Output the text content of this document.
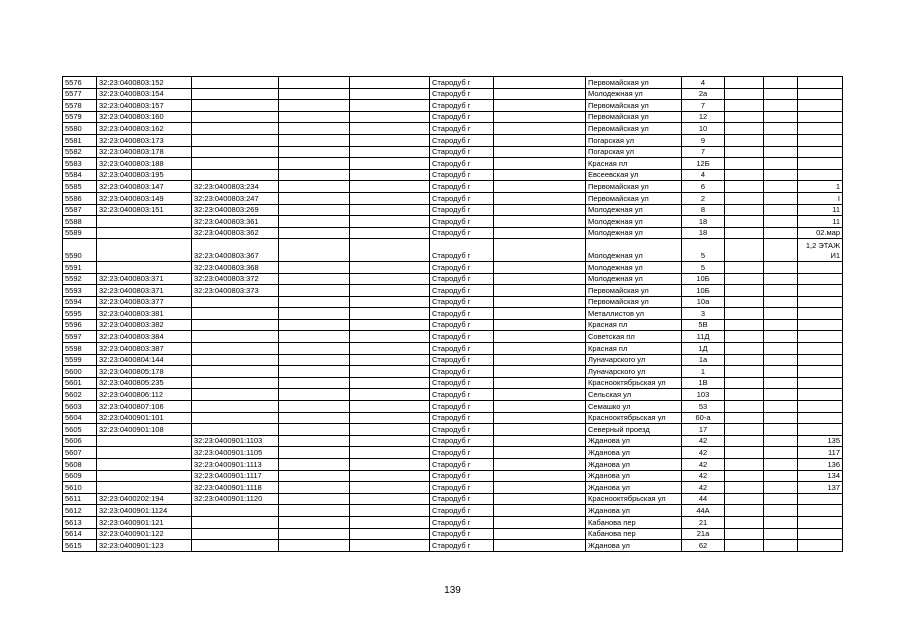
5576	32:23:0400803:152				Стародуб г		Первомайская ул	4			
5577	32:23:0400803:154				Стародуб г		Молодежная ул	2а			
5578	32:23:0400803:157				Стародуб г		Первомайская ул	7			
5579	32:23:0400803:160				Стародуб г		Первомайская ул	12			
5580	32:23:0400803:162				Стародуб г		Первомайская ул	10			
5581	32:23:0400803:173				Стародуб г		Погарская ул	9			
5582	32:23:0400803:178				Стародуб г		Погарская ул	7			
5583	32:23:0400803:188				Стародуб г		Красная пл	12Б			
5584	32:23:0400803:195				Стародуб г		Евсеевская ул	4			
5585	32:23:0400803:147	32:23:0400803:234			Стародуб г		Первомайская ул	6			1
5586	32:23:0400803:149	32:23:0400803:247			Стародуб г		Первомайская ул	2			I
5587	32:23:0400803:151	32:23:0400803:269			Стародуб г		Молодежная ул	8			11
5588		32:23:0400803:361			Стародуб г		Молодежная ул	18			11
5589		32:23:0400803:362			Стародуб г		Молодежная ул	18			02.мар
5590		32:23:0400803:367			Стародуб г		Молодежная ул	5			1,2 ЭТАЖ И1
5591		32:23:0400803:368			Стародуб г		Молодежная ул	5			
5592	32:23:0400803:371	32:23:0400803:372			Стародуб г		Молодежная ул	10Б			
5593	32:23:0400803:371	32:23:0400803:373			Стародуб г		Первомайская ул	10Б			
5594	32:23:0400803:377				Стародуб г		Первомайская ул	10а			
5595	32:23:0400803:381				Стародуб г		Металлистов ул	3			
5596	32:23:0400803:382				Стародуб г		Красная пл	5В			
5597	32:23:0400803:384				Стародуб г		Советская пл	11Д			
5598	32:23:0400803:387				Стародуб г		Красная пл	1Д			
5599	32:23:0400804:144				Стародуб г		Луначарского ул	1а			
5600	32:23:0400805:178				Стародуб г		Луначарского ул	1			
5601	32:23:0400805:235				Стародуб г		Краснооктябрьская ул	1В			
5602	32:23:0400806:112				Стародуб г		Сельская ул	103			
5603	32:23:0400807:106				Стародуб г		Семашко ул	53			
5604	32:23:0400901:101				Стародуб г		Краснооктябрьская ул	60-а			
5605	32:23:0400901:108				Стародуб г		Северный проезд	17			
5606		32:23:0400901:1103			Стародуб г		Жданова ул	42			135
5607		32:23:0400901:1105			Стародуб г		Жданова ул	42			117
5608		32:23:0400901:1113			Стародуб г		Жданова ул	42			136
5609		32:23:0400901:1117			Стародуб г		Жданова ул	42			134
5610		32:23:0400901:1118			Стародуб г		Жданова ул	42			137
5611	32:23:0400202:194	32:23:0400901:1120			Стародуб г		Краснооктябрьская ул	44			
5612	32:23:0400901:1124				Стародуб г		Жданова ул	44А			
5613	32:23:0400901:121				Стародуб г		Кабанова пер	21			
5614	32:23:0400901:122				Стародуб г		Кабанова пер	21а			
5615	32:23:0400901:123				Стародуб г		Жданова ул	62			
139
